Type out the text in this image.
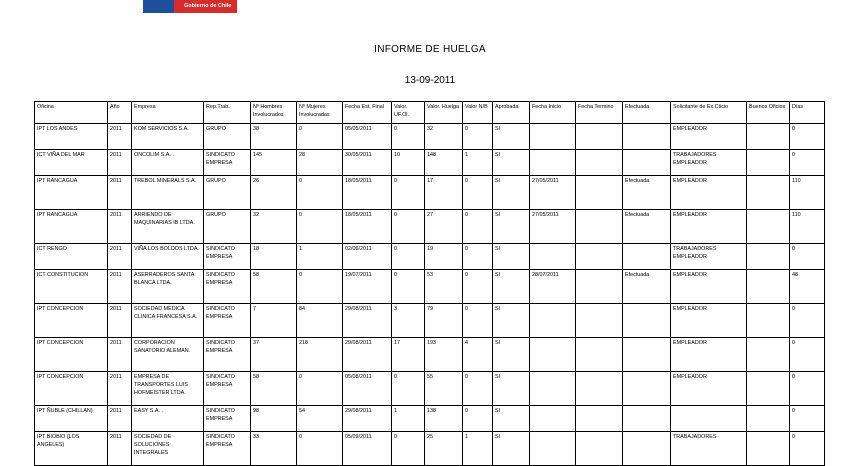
Gobierno de Chile
INFORME DE HUELGA
13-09-2011
Oficina	Año	Empresa	Rep.Trab.	Nº Hombres Involucrados	Nº Mujeres Involucradas	Fecha Est. Final	Valor. UF.Ol.	Valor. Huelga	Valor N/B	Aprobada	Fecha Inicio	Fecha Termino	Efectuada	Solicitante de Ex.Cticio	Buenos Oficios	Días
IPT LOS ANDES	2011	KOM SERVICIOS S.A.	GRUPO	38	0	05/05/2011	0	32	0	SI				EMPLEADOR		0
ICT VIÑA DEL MAR	2011	ONCOLIM S.A. .	SINDICATO EMPRESA	145	28	30/05/2011	10	148	1	SI				TRABAJADORES EMPLEADOR		0
IPT RANCAGUA	2011	TREBOL MINERALS S.A.	GRUPO	26	0	18/05/2011	0	17	0	SI	27/05/2011		Efectuada	EMPLEADOR		110
IPT RANCAGUA	2011	ARRIENDO DE MAQUINARIAS IB LTDA.	GRUPO	32	0	18/05/2011	0	27	0	SI	27/05/2011		Efectuada	EMPLEADOR		110
ICT RENGO	2011	VIÑA LOS BOLDOS LTDA.	SINDICATO EMPRESA	18	1	02/06/2011	0	19	0	SI				TRABAJADORES EMPLEADOR		0
ICT CONSTITUCION	2011	ASERRADEROS SANTA BLANCA LTDA.	SINDICATO EMPRESA	58	0	19/07/2011	0	53	0	SI	28/07/2011		Efectuada	EMPLEADOR		48
IPT CONCEPCION	2011	SOCIEDAD MEDICA CLINICA FRANCESA S.A.	SINDICATO EMPRESA	7	84	29/08/2011	3	79	0	SI				EMPLEADOR		0
IPT CONCEPCION	2011	CORPORACION SANATORIO ALEMAN.	SINDICATO EMPRESA	37	218	29/08/2011	17	193	4	SI				EMPLEADOR		0
IPT CONCEPCION	2011	EMPRESA DE TRANSPORTES LUIS HOFMEISTER LTDA.	SINDICATO EMPRESA	58	0	05/08/2011	0	55	0	SI				EMPLEADOR		0
IPT ÑUBLE (CHILLAN)	2011	EASY S.A. .	SINDICATO EMPRESA	98	54	29/08/2011	1	138	0	SI						0
IPT BIOBIO (LOS ANGELES)	2011	SOCIEDAD DE SOLUCIONES INTEGRALES	SINDICATO EMPRESA	33	0	05/09/2011	0	25	1	SI				TRABAJADORES		0
